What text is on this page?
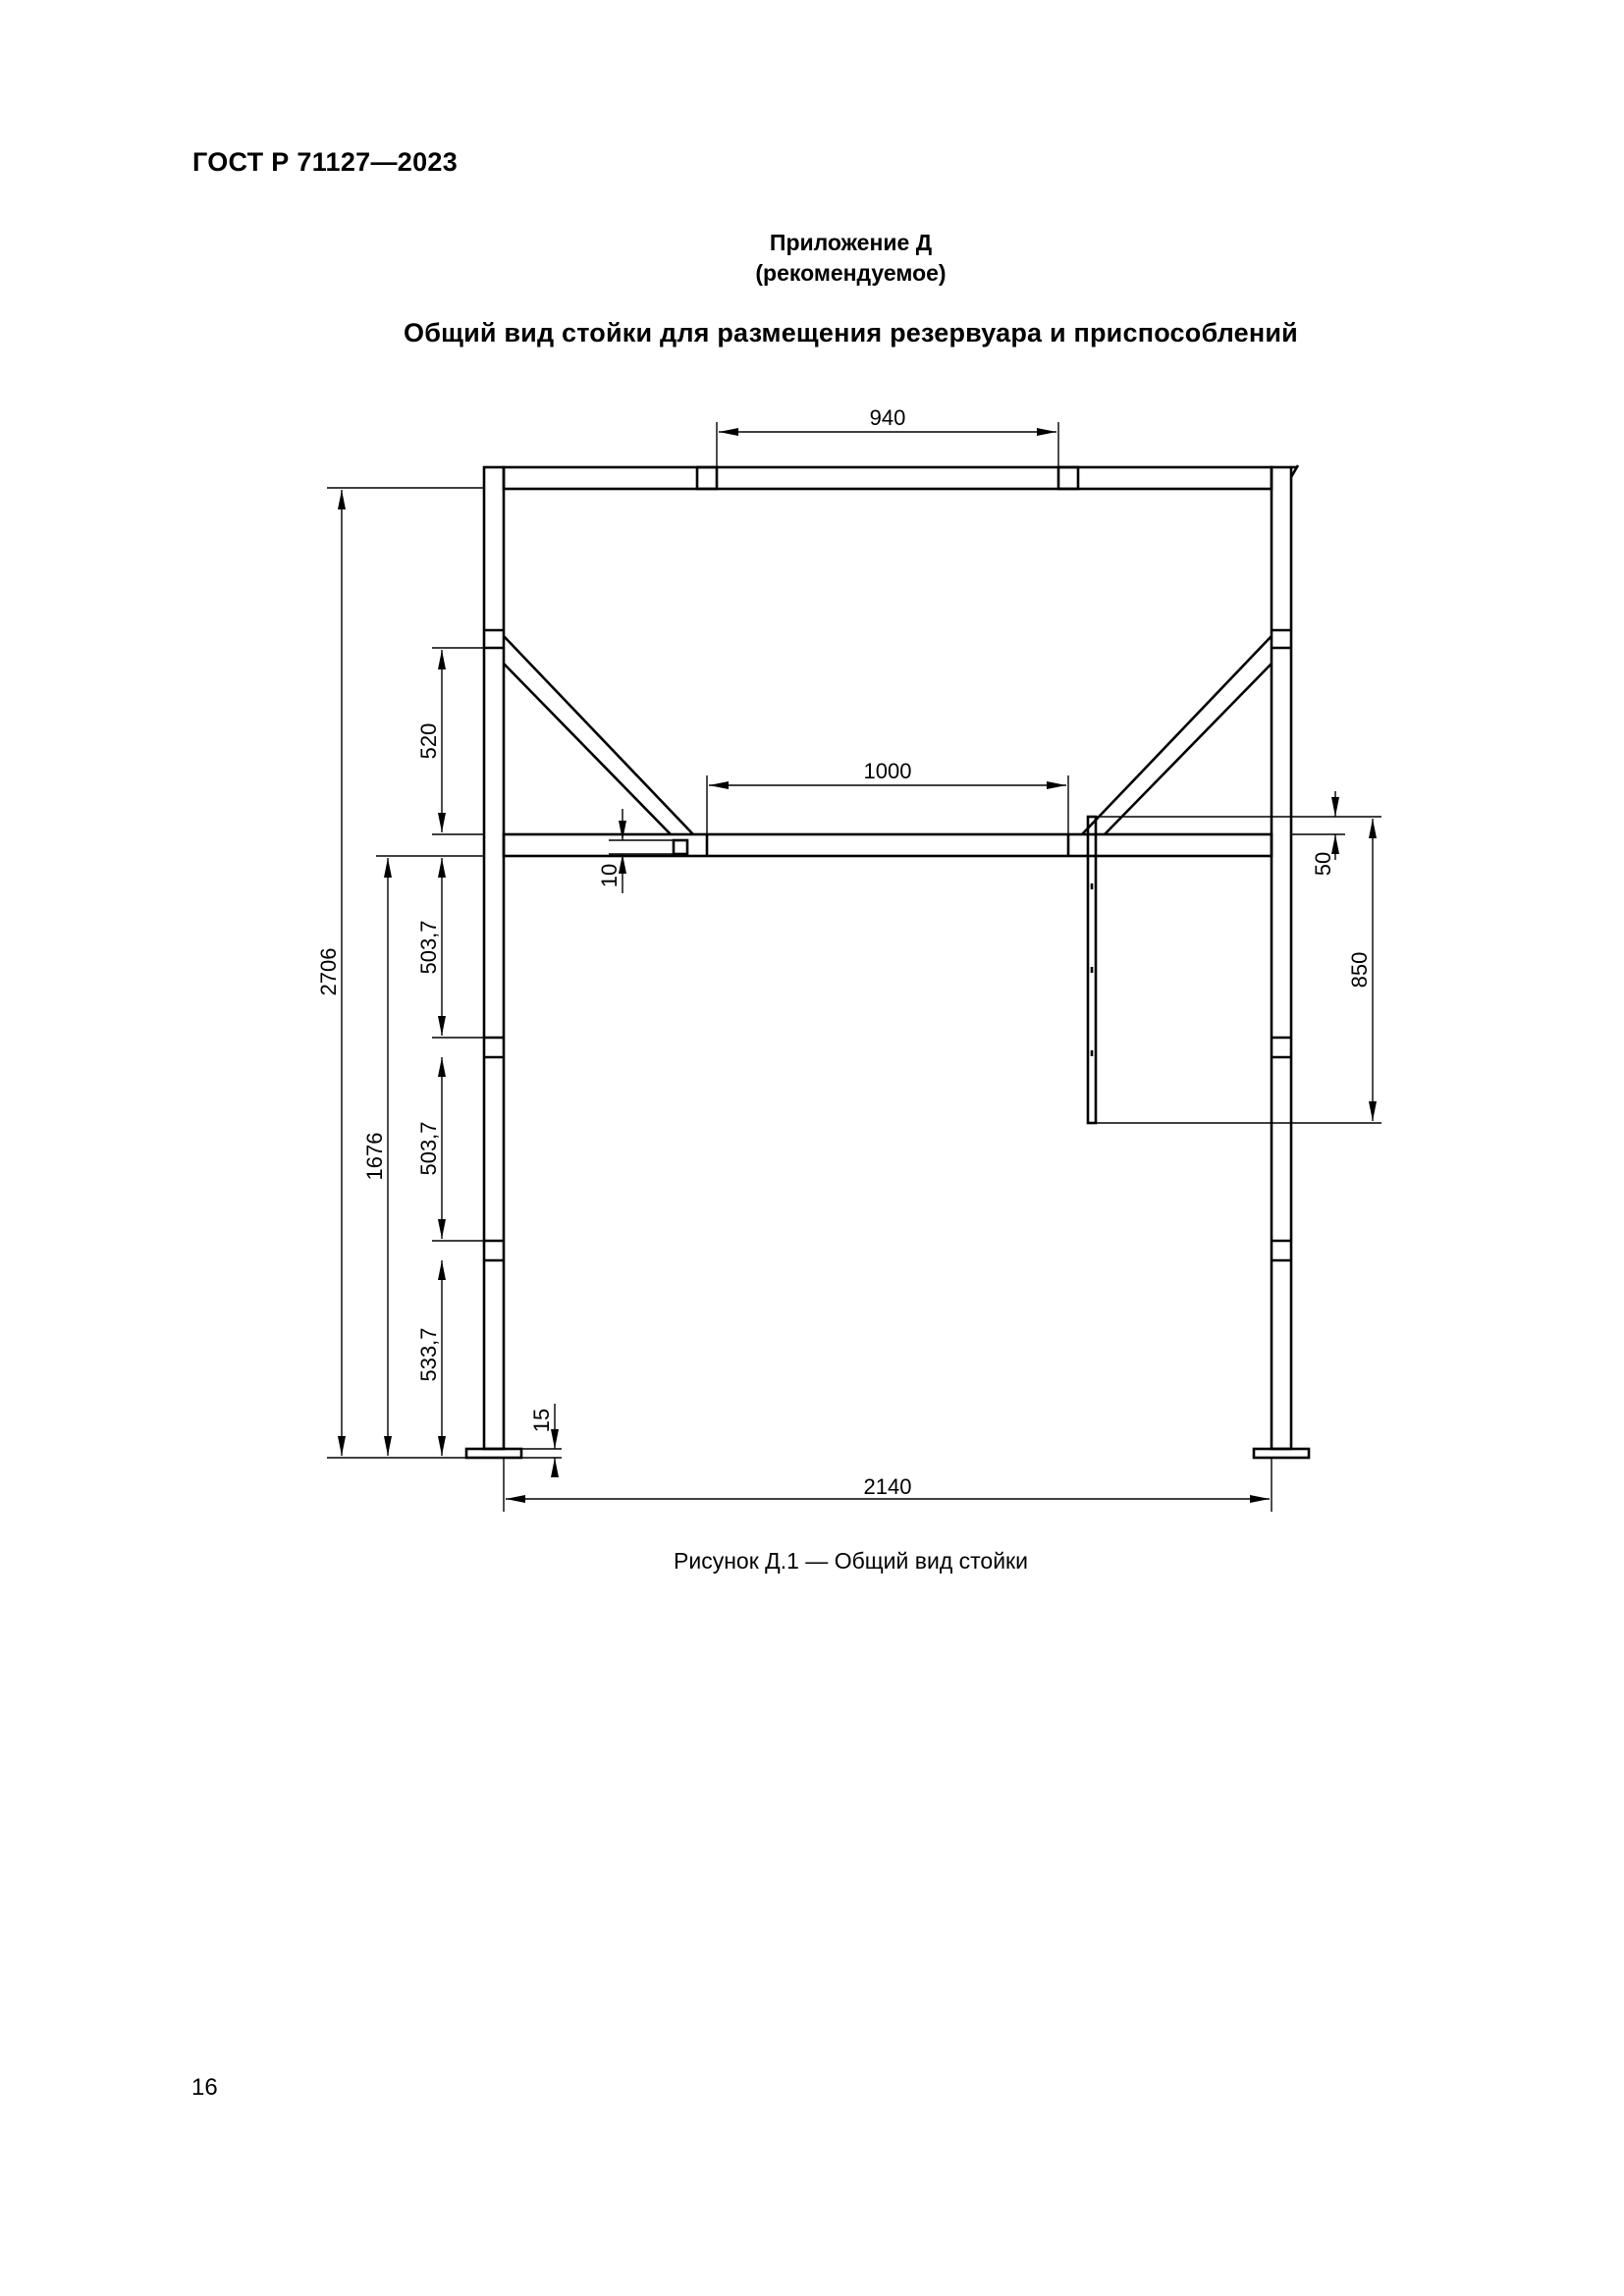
ГОСТ Р 71127—2023
Приложение Д
(рекомендуемое)
Общий вид стойки для размещения резервуара и приспособлений
940
1000
2140
2706
1676
520
503,7
503,7
533,7
10
15
50
850
Рисунок Д.1 — Общий вид стойки
16
